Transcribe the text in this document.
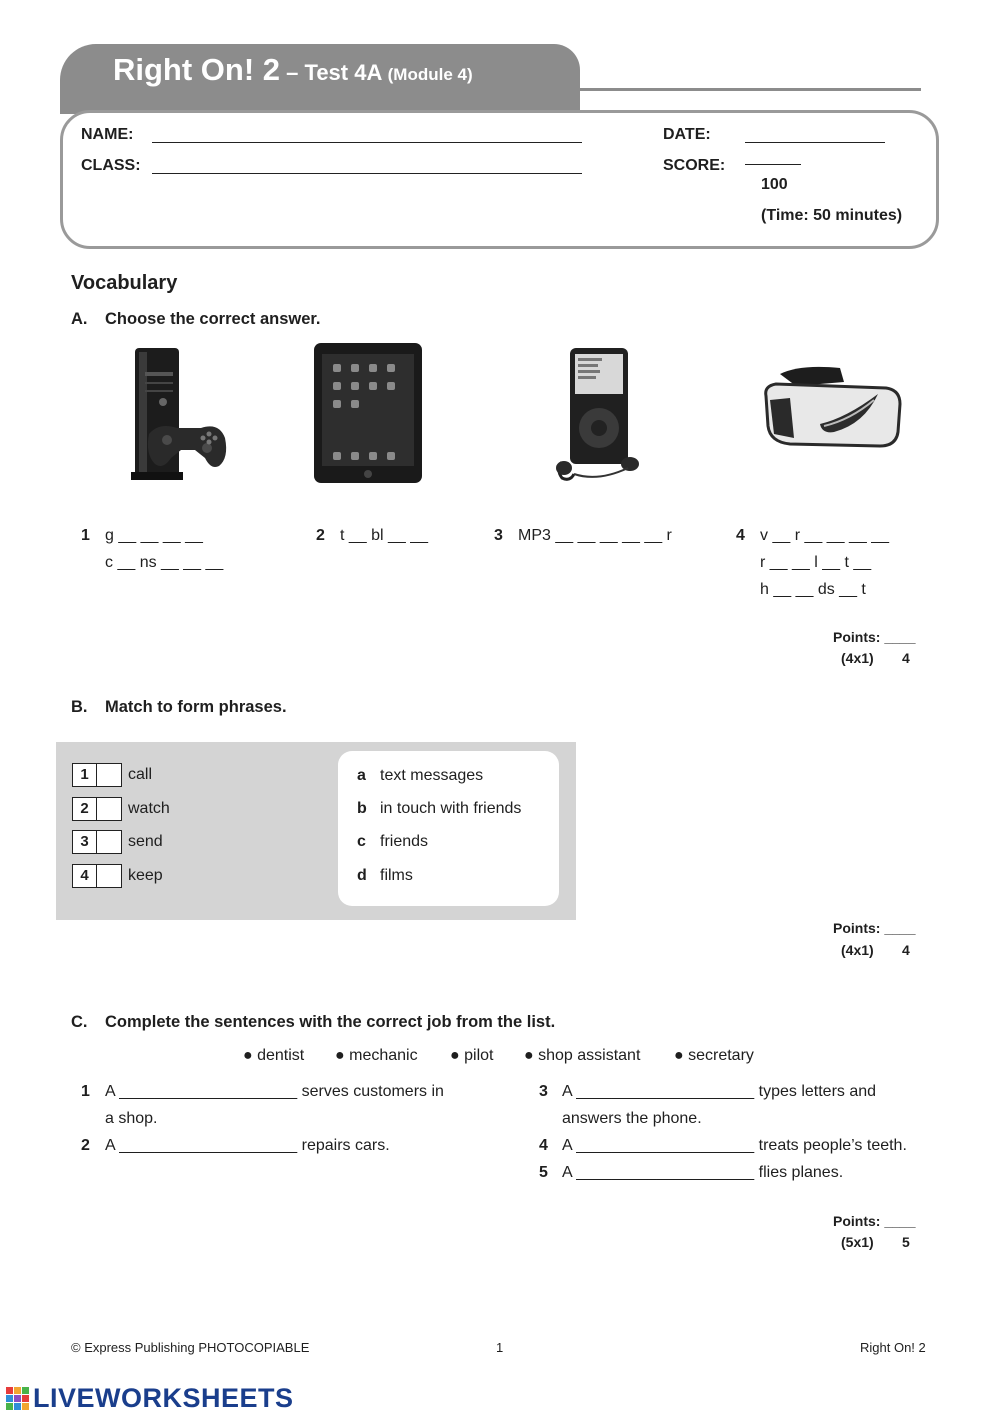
Right On! 2 – Test 4A (Module 4)
NAME:
CLASS:
DATE:
SCORE:
100
(Time: 50 minutes)
Vocabulary
A. Choose the correct answer.
1 g __ __ __ __
c __ ns __ __ __
2 t __ bl __ __	3 MP3 __ __ __ __ __ r	4 v __ r __ __ __ __
r __ __ l __ t __
h __ __ ds __ t
Points: ____
(4x1) 4
B. Match to form phrases.
1	call
2	watch
3	send
4	keep
a text messages
b in touch with friends
c friends
d films
Points: ____
(4x1) 4
C. Complete the sentences with the correct job from the list.
● dentist ● mechanic ● pilot ● shop assistant ● secretary
1 A ____________________ serves customers in
a shop.
2 A ____________________ repairs cars.
3 A ____________________ types letters and
answers the phone.
4 A ____________________ treats people’s teeth.
5 A ____________________ flies planes.
Points: ____
(5x1) 5
© Express Publishing PHOTOCOPIABLE	1	Right On! 2
LIVEWORKSHEETS
